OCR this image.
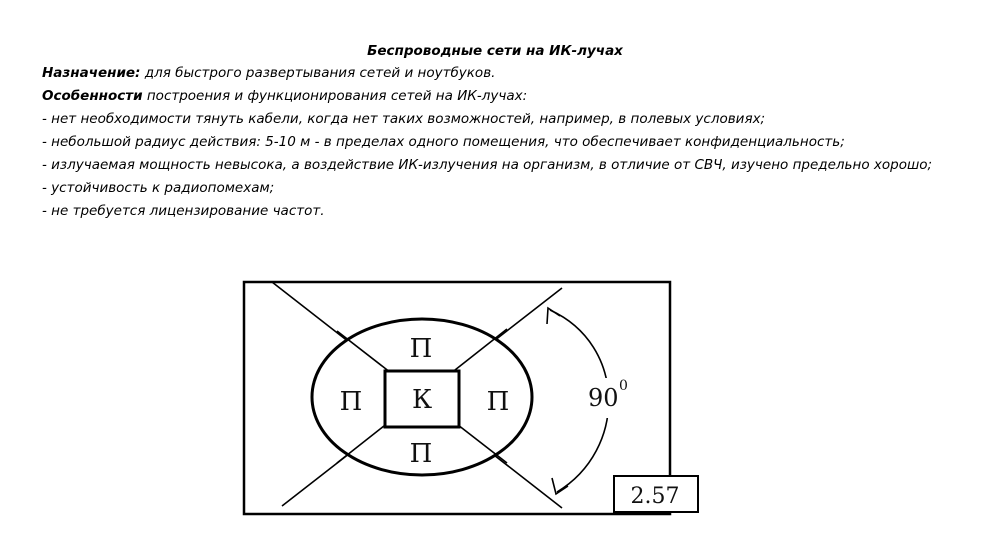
Беспроводные сети на ИК-лучах
Назначение: для быстрого развертывания сетей и ноутбуков.
Особенности построения и функционирования сетей на ИК-лучах:
- нет необходимости тянуть кабели, когда нет таких возможностей, например, в полевых условиях;
- небольшой радиус действия: 5-10 м - в пределах одного помещения, что обеспечивает конфиденциальность;
- излучаемая мощность невысока, а воздействие ИК-излучения на организм, в отличие от СВЧ, изучено предельно хорошо;
- устойчивость к радиопомехам;
- не требуется лицензирование частот.
П
П К П
П
90 0
2.57
